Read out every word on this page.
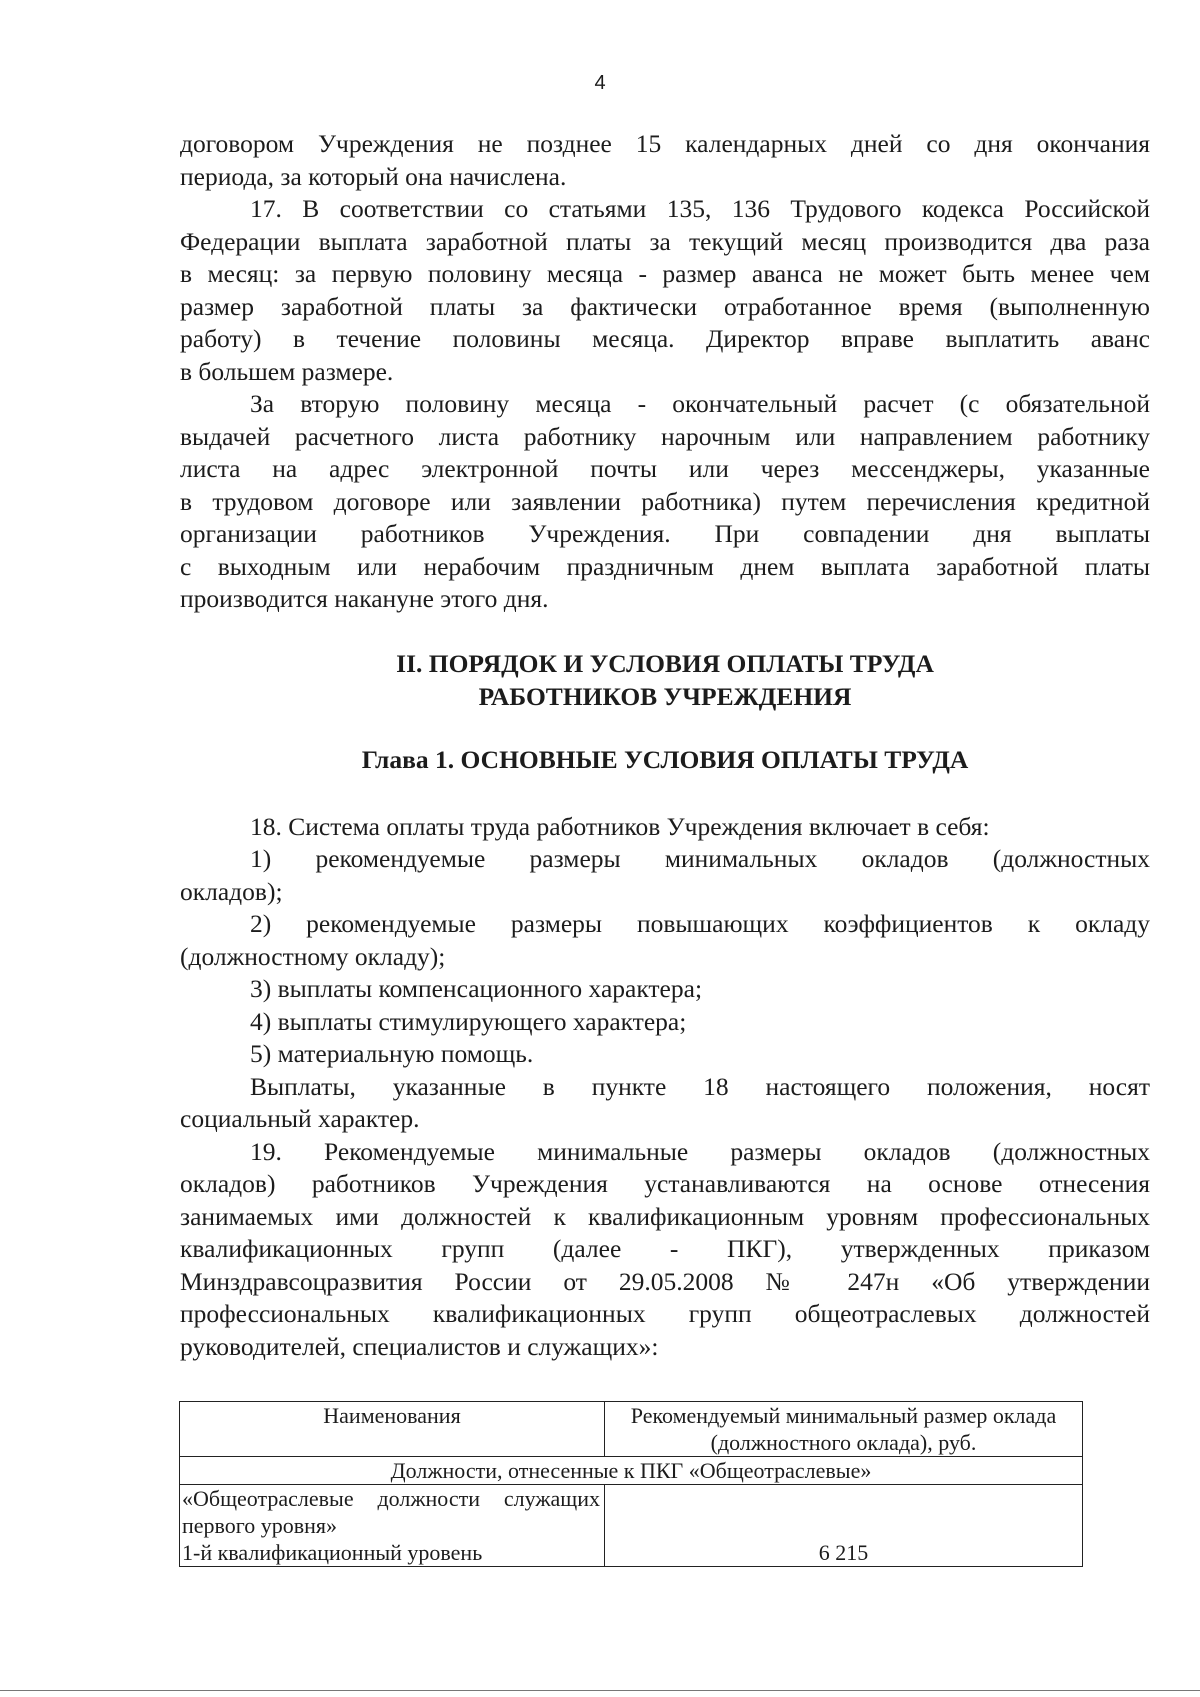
4

договором Учреждения не позднее 15 календарных дней со дня окончания

периода, за который она начислена.

17. В соответствии со статьями 135, 136 Трудового кодекса Российской

Федерации выплата заработной платы за текущий месяц производится два раза

в месяц: за первую половину месяца - размер аванса не может быть менее чем

размер заработной платы за фактически отработанное время (выполненную

работу) в течение половины месяца. Директор вправе выплатить аванс

в большем размере.

За вторую половину месяца - окончательный расчет (с обязательной

выдачей расчетного листа работнику нарочным или направлением работнику

листа на адрес электронной почты или через мессенджеры, указанные

в трудовом договоре или заявлении работника) путем перечисления кредитной

организации работников Учреждения. При совпадении дня выплаты

с выходным или нерабочим праздничным днем выплата заработной платы

производится накануне этого дня.

II. ПОРЯДОК И УСЛОВИЯ ОПЛАТЫ ТРУДА
РАБОТНИКОВ УЧРЕЖДЕНИЯ
Глава 1. ОСНОВНЫЕ УСЛОВИЯ ОПЛАТЫ ТРУДА

18. Система оплаты труда работников Учреждения включает в себя:

1) рекомендуемые размеры минимальных окладов (должностных

окладов);

2) рекомендуемые размеры повышающих коэффициентов к окладу

(должностному окладу);

3) выплаты компенсационного характера;

4) выплаты стимулирующего характера;

5) материальную помощь.

Выплаты, указанные в пункте 18 настоящего положения, носят

социальный характер.

19. Рекомендуемые минимальные размеры окладов (должностных

окладов) работников Учреждения устанавливаются на основе отнесения

занимаемых ими должностей к квалификационным уровням профессиональных

квалификационных групп (далее - ПКГ), утвержденных приказом

Минздравсоцразвития России от 29.05.2008 № 247н «Об утверждении

профессиональных квалификационных групп общеотраслевых должностей

руководителей, специалистов и служащих»:

Наименования	Рекомендуемый минимальный размер оклада
(должностного оклада), руб.
Должности, отнесенные к ПКГ «Общеотраслевые»	

«Общеотраслевые должности служащих
первого уровня»
1-й квалификационный уровень	6 215
